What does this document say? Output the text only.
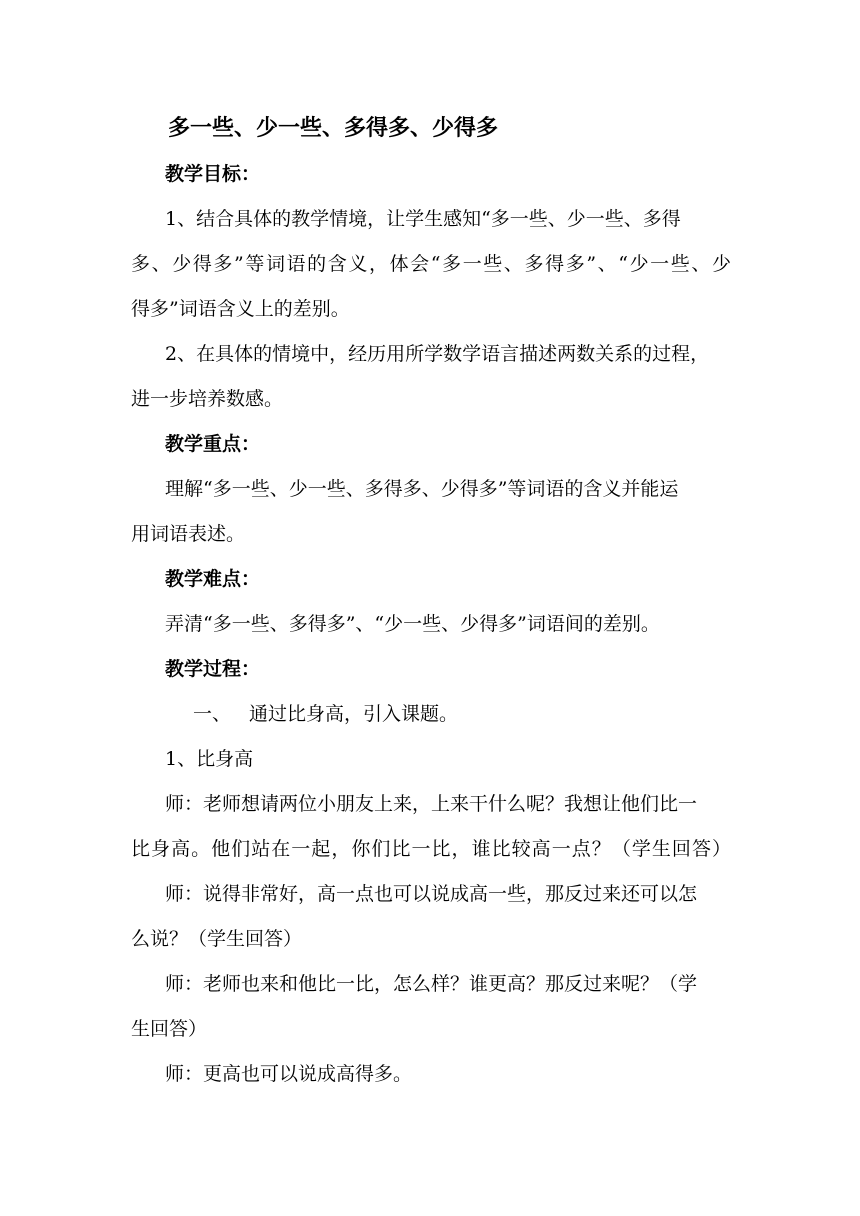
多一些、少一些、多得多、少得多
教学目标：
1、结合具体的教学情境，让学生感知“多一些、少一些、多得
多、少得多”等词语的含义，体会“多一些、多得多”、“少一些、少
得多”词语含义上的差别。
2、在具体的情境中，经历用所学数学语言描述两数关系的过程，
进一步培养数感。
教学重点：
理解“多一些、少一些、多得多、少得多”等词语的含义并能运
用词语表述。
教学难点：
弄清“多一些、多得多”、“少一些、少得多”词语间的差别。
教学过程：
一、 通过比身高，引入课题。
1、比身高
师：老师想请两位小朋友上来，上来干什么呢？我想让他们比一
比身高。他们站在一起，你们比一比，谁比较高一点？（学生回答）
师：说得非常好，高一点也可以说成高一些，那反过来还可以怎
么说？（学生回答）
师：老师也来和他比一比，怎么样？谁更高？那反过来呢？（学
生回答）
师：更高也可以说成高得多。
